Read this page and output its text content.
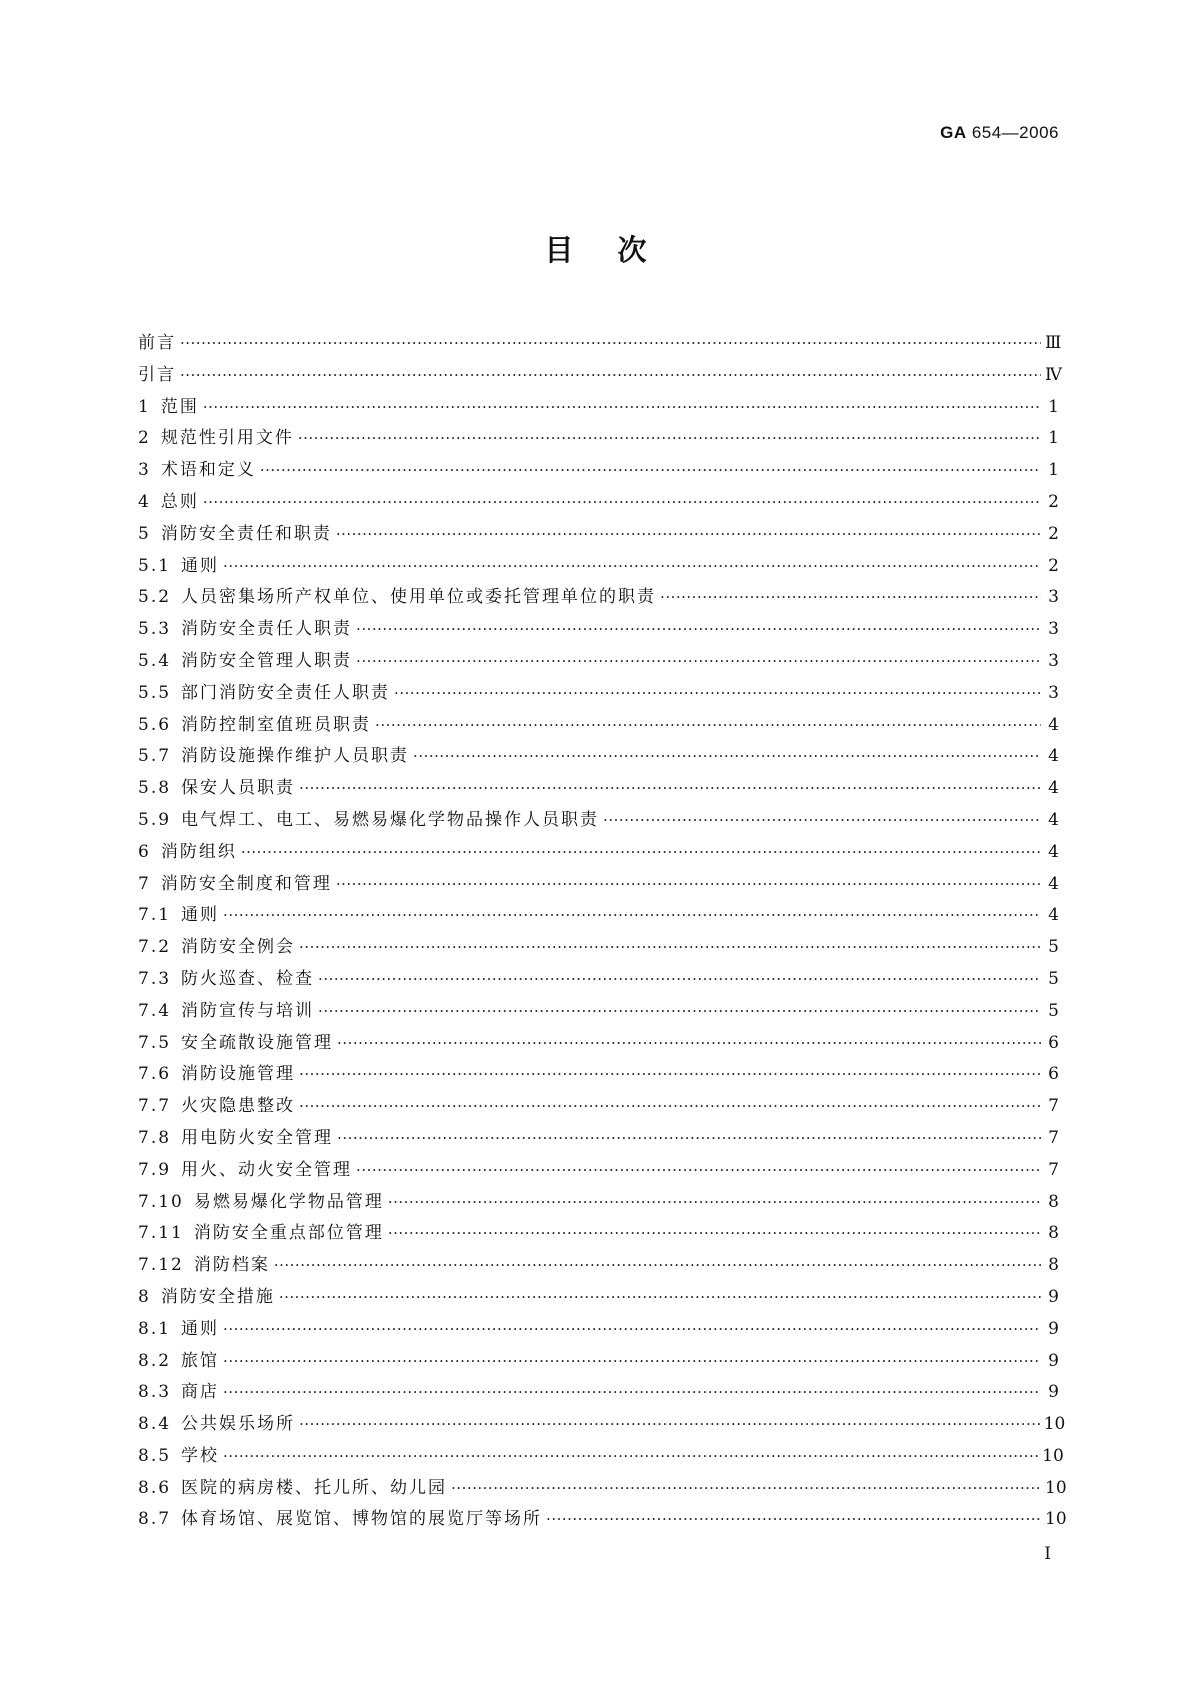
GA 654—2006
目次
前言 ·····	Ⅲ
引言 ·····	Ⅳ
1 范围 ·····	1
2 规范性引用文件 ·····	1
3 术语和定义 ·····	1
4 总则 ·····	2
5 消防安全责任和职责 ·····	2
5.1 通则 ·····	2
5.2 人员密集场所产权单位、使用单位或委托管理单位的职责 ·····	3
5.3 消防安全责任人职责 ·····	3
5.4 消防安全管理人职责 ·····	3
5.5 部门消防安全责任人职责 ·····	3
5.6 消防控制室值班员职责 ·····	4
5.7 消防设施操作维护人员职责 ·····	4
5.8 保安人员职责 ·····	4
5.9 电气焊工、电工、易燃易爆化学物品操作人员职责 ·····	4
6 消防组织 ·····	4
7 消防安全制度和管理 ·····	4
7.1 通则 ·····	4
7.2 消防安全例会 ·····	5
7.3 防火巡查、检查 ·····	5
7.4 消防宣传与培训 ·····	5
7.5 安全疏散设施管理 ·····	6
7.6 消防设施管理 ·····	6
7.7 火灾隐患整改 ·····	7
7.8 用电防火安全管理 ·····	7
7.9 用火、动火安全管理 ·····	7
7.10 易燃易爆化学物品管理 ·····	8
7.11 消防安全重点部位管理 ·····	8
7.12 消防档案 ·····	8
8 消防安全措施 ·····	9
8.1 通则 ·····	9
8.2 旅馆 ·····	9
8.3 商店 ·····	9
8.4 公共娱乐场所 ·····	10
8.5 学校 ·····	10
8.6 医院的病房楼、托儿所、幼儿园 ·····	10
8.7 体育场馆、展览馆、博物馆的展览厅等场所 ·····	10
I
